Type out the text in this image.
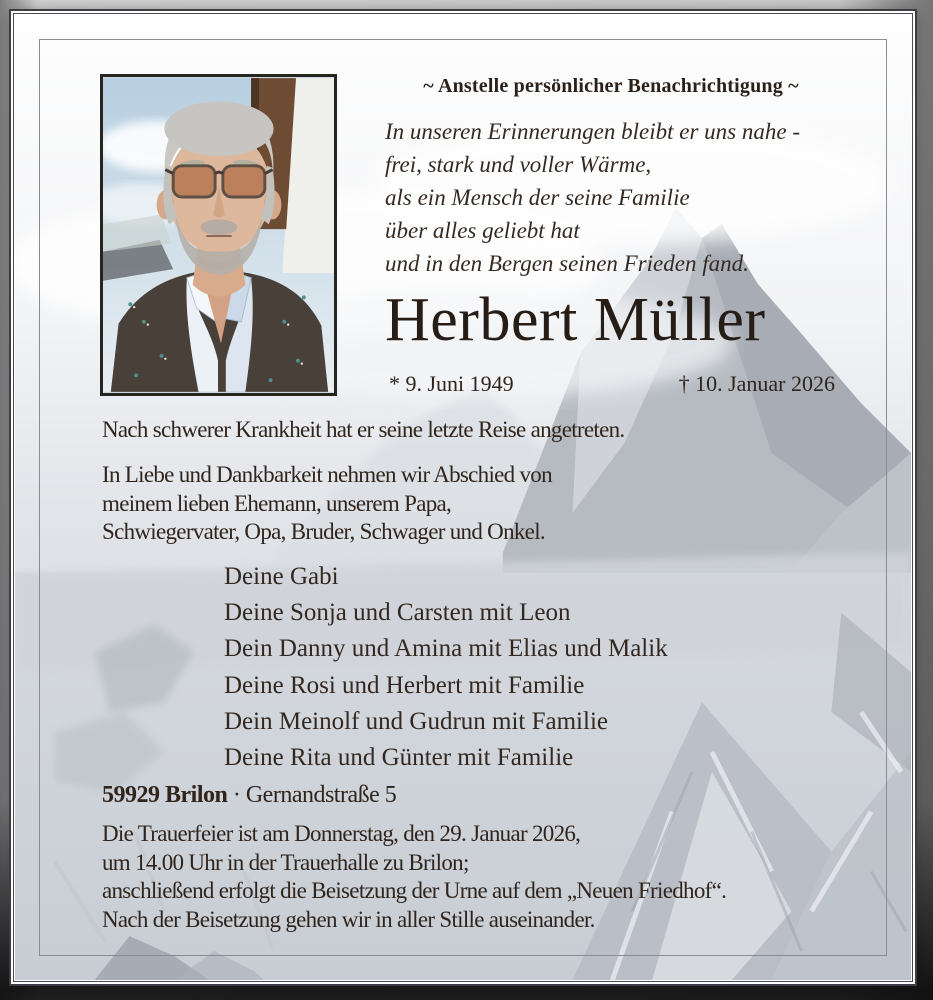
~ Anstelle persönlicher Benachrichtigung ~
In unseren Erinnerungen bleibt er uns nahe -
frei, stark und voller Wärme,
als ein Mensch der seine Familie
über alles geliebt hat
und in den Bergen seinen Frieden fand.
Herbert Müller
* 9. Juni 1949	† 10. Januar 2026
Nach schwerer Krankheit hat er seine letzte Reise angetreten.
In Liebe und Dankbarkeit nehmen wir Abschied von
meinem lieben Ehemann, unserem Papa,
Schwiegervater, Opa, Bruder, Schwager und Onkel.
Deine Gabi
Deine Sonja und Carsten mit Leon
Dein Danny und Amina mit Elias und Malik
Deine Rosi und Herbert mit Familie
Dein Meinolf und Gudrun mit Familie
Deine Rita und Günter mit Familie
59929 Brilon · Gernandstraße 5
Die Trauerfeier ist am Donnerstag, den 29. Januar 2026,
um 14.00 Uhr in der Trauerhalle zu Brilon;
anschließend erfolgt die Beisetzung der Urne auf dem „Neuen Friedhof“.
Nach der Beisetzung gehen wir in aller Stille auseinander.
